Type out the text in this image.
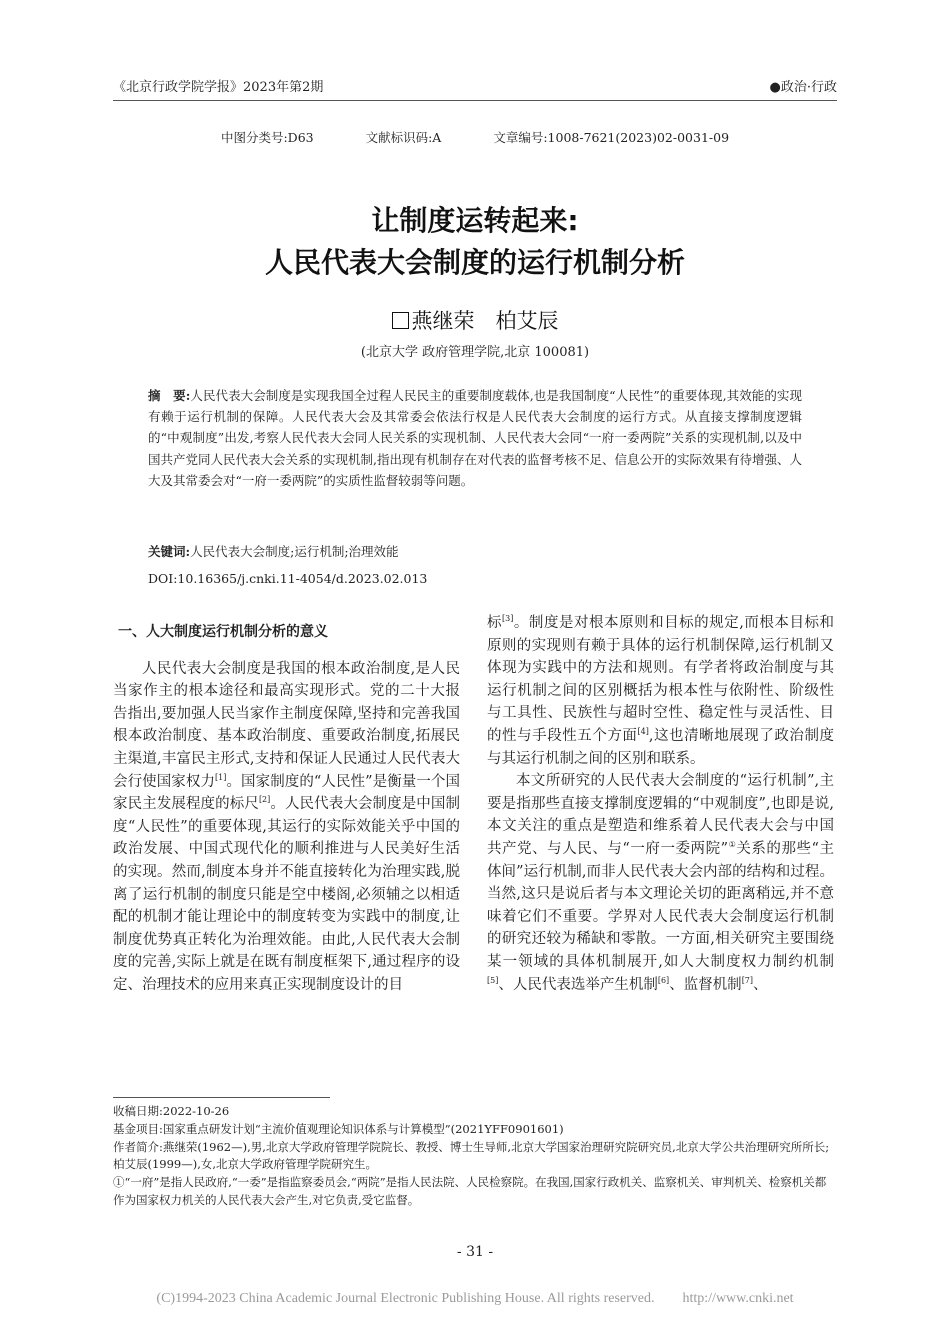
《北京行政学院学报》2023年第2期	●政治·行政
中图分类号:D63	文献标识码:A	文章编号:1008-7621(2023)02-0031-09
让制度运转起来:
人民代表大会制度的运行机制分析
燕继荣　柏艾辰
(北京大学 政府管理学院,北京 100081)
摘　要:人民代表大会制度是实现我国全过程人民民主的重要制度载体,也是我国制度“人民性”的重要体现,其效能的实现有赖于运行机制的保障。人民代表大会及其常委会依法行权是人民代表大会制度的运行方式。从直接支撑制度逻辑的“中观制度”出发,考察人民代表大会同人民关系的实现机制、人民代表大会同“一府一委两院”关系的实现机制,以及中国共产党同人民代表大会关系的实现机制,指出现有机制存在对代表的监督考核不足、信息公开的实际效果有待增强、人大及其常委会对“一府一委两院”的实质性监督较弱等问题。
关键词:人民代表大会制度;运行机制;治理效能
DOI:10.16365/j.cnki.11-4054/d.2023.02.013

一、人大制度运行机制分析的意义

人民代表大会制度是我国的根本政治制度,是人民当家作主的根本途径和最高实现形式。党的二十大报告指出,要加强人民当家作主制度保障,坚持和完善我国根本政治制度、基本政治制度、重要政治制度,拓展民主渠道,丰富民主形式,支持和保证人民通过人民代表大会行使国家权力[1]。国家制度的“人民性”是衡量一个国家民主发展程度的标尺[2]。人民代表大会制度是中国制度“人民性”的重要体现,其运行的实际效能关乎中国的政治发展、中国式现代化的顺利推进与人民美好生活的实现。然而,制度本身并不能直接转化为治理实践,脱离了运行机制的制度只能是空中楼阁,必须辅之以相适配的机制才能让理论中的制度转变为实践中的制度,让制度优势真正转化为治理效能。由此,人民代表大会制度的完善,实际上就是在既有制度框架下,通过程序的设定、治理技术的应用来真正实现制度设计的目

标[3]。制度是对根本原则和目标的规定,而根本目标和原则的实现则有赖于具体的运行机制保障,运行机制又体现为实践中的方法和规则。有学者将政治制度与其运行机制之间的区别概括为根本性与依附性、阶级性与工具性、民族性与超时空性、稳定性与灵活性、目的性与手段性五个方面[4],这也清晰地展现了政治制度与其运行机制之间的区别和联系。

本文所研究的人民代表大会制度的“运行机制”,主要是指那些直接支撑制度逻辑的“中观制度”,也即是说,本文关注的重点是塑造和维系着人民代表大会与中国共产党、与人民、与“一府一委两院”①关系的那些“主体间”运行机制,而非人民代表大会内部的结构和过程。当然,这只是说后者与本文理论关切的距离稍远,并不意味着它们不重要。学界对人民代表大会制度运行机制的研究还较为稀缺和零散。一方面,相关研究主要围绕某一领域的具体机制展开,如人大制度权力制约机制[5]、人民代表选举产生机制[6]、监督机制[7]、

收稿日期:2022-10-26

基金项目:国家重点研发计划“主流价值观理论知识体系与计算模型”(2021YFF0901601)

作者简介:燕继荣(1962—),男,北京大学政府管理学院院长、教授、博士生导师,北京大学国家治理研究院研究员,北京大学公共治理研究所所长;柏艾辰(1999—),女,北京大学政府管理学院研究生。

①“一府”是指人民政府,“一委”是指监察委员会,“两院”是指人民法院、人民检察院。在我国,国家行政机关、监察机关、审判机关、检察机关都作为国家权力机关的人民代表大会产生,对它负责,受它监督。

- 31 -
(C)1994-2023 China Academic Journal Electronic Publishing House. All rights reserved.　　http://www.cnki.net
